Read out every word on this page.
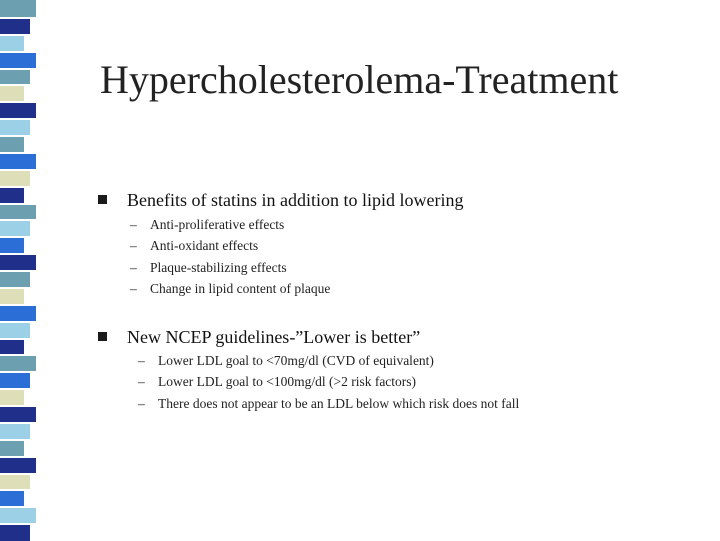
Hypercholesterolema-Treatment
Benefits of statins in addition to lipid lowering
– Anti-proliferative effects
– Anti-oxidant effects
– Plaque-stabilizing effects
– Change in lipid content of plaque
New NCEP guidelines-”Lower is better”
– Lower LDL goal to <70mg/dl (CVD of equivalent)
– Lower LDL goal to <100mg/dl (>2 risk factors)
– There does not appear to be an LDL below which risk does not fall
